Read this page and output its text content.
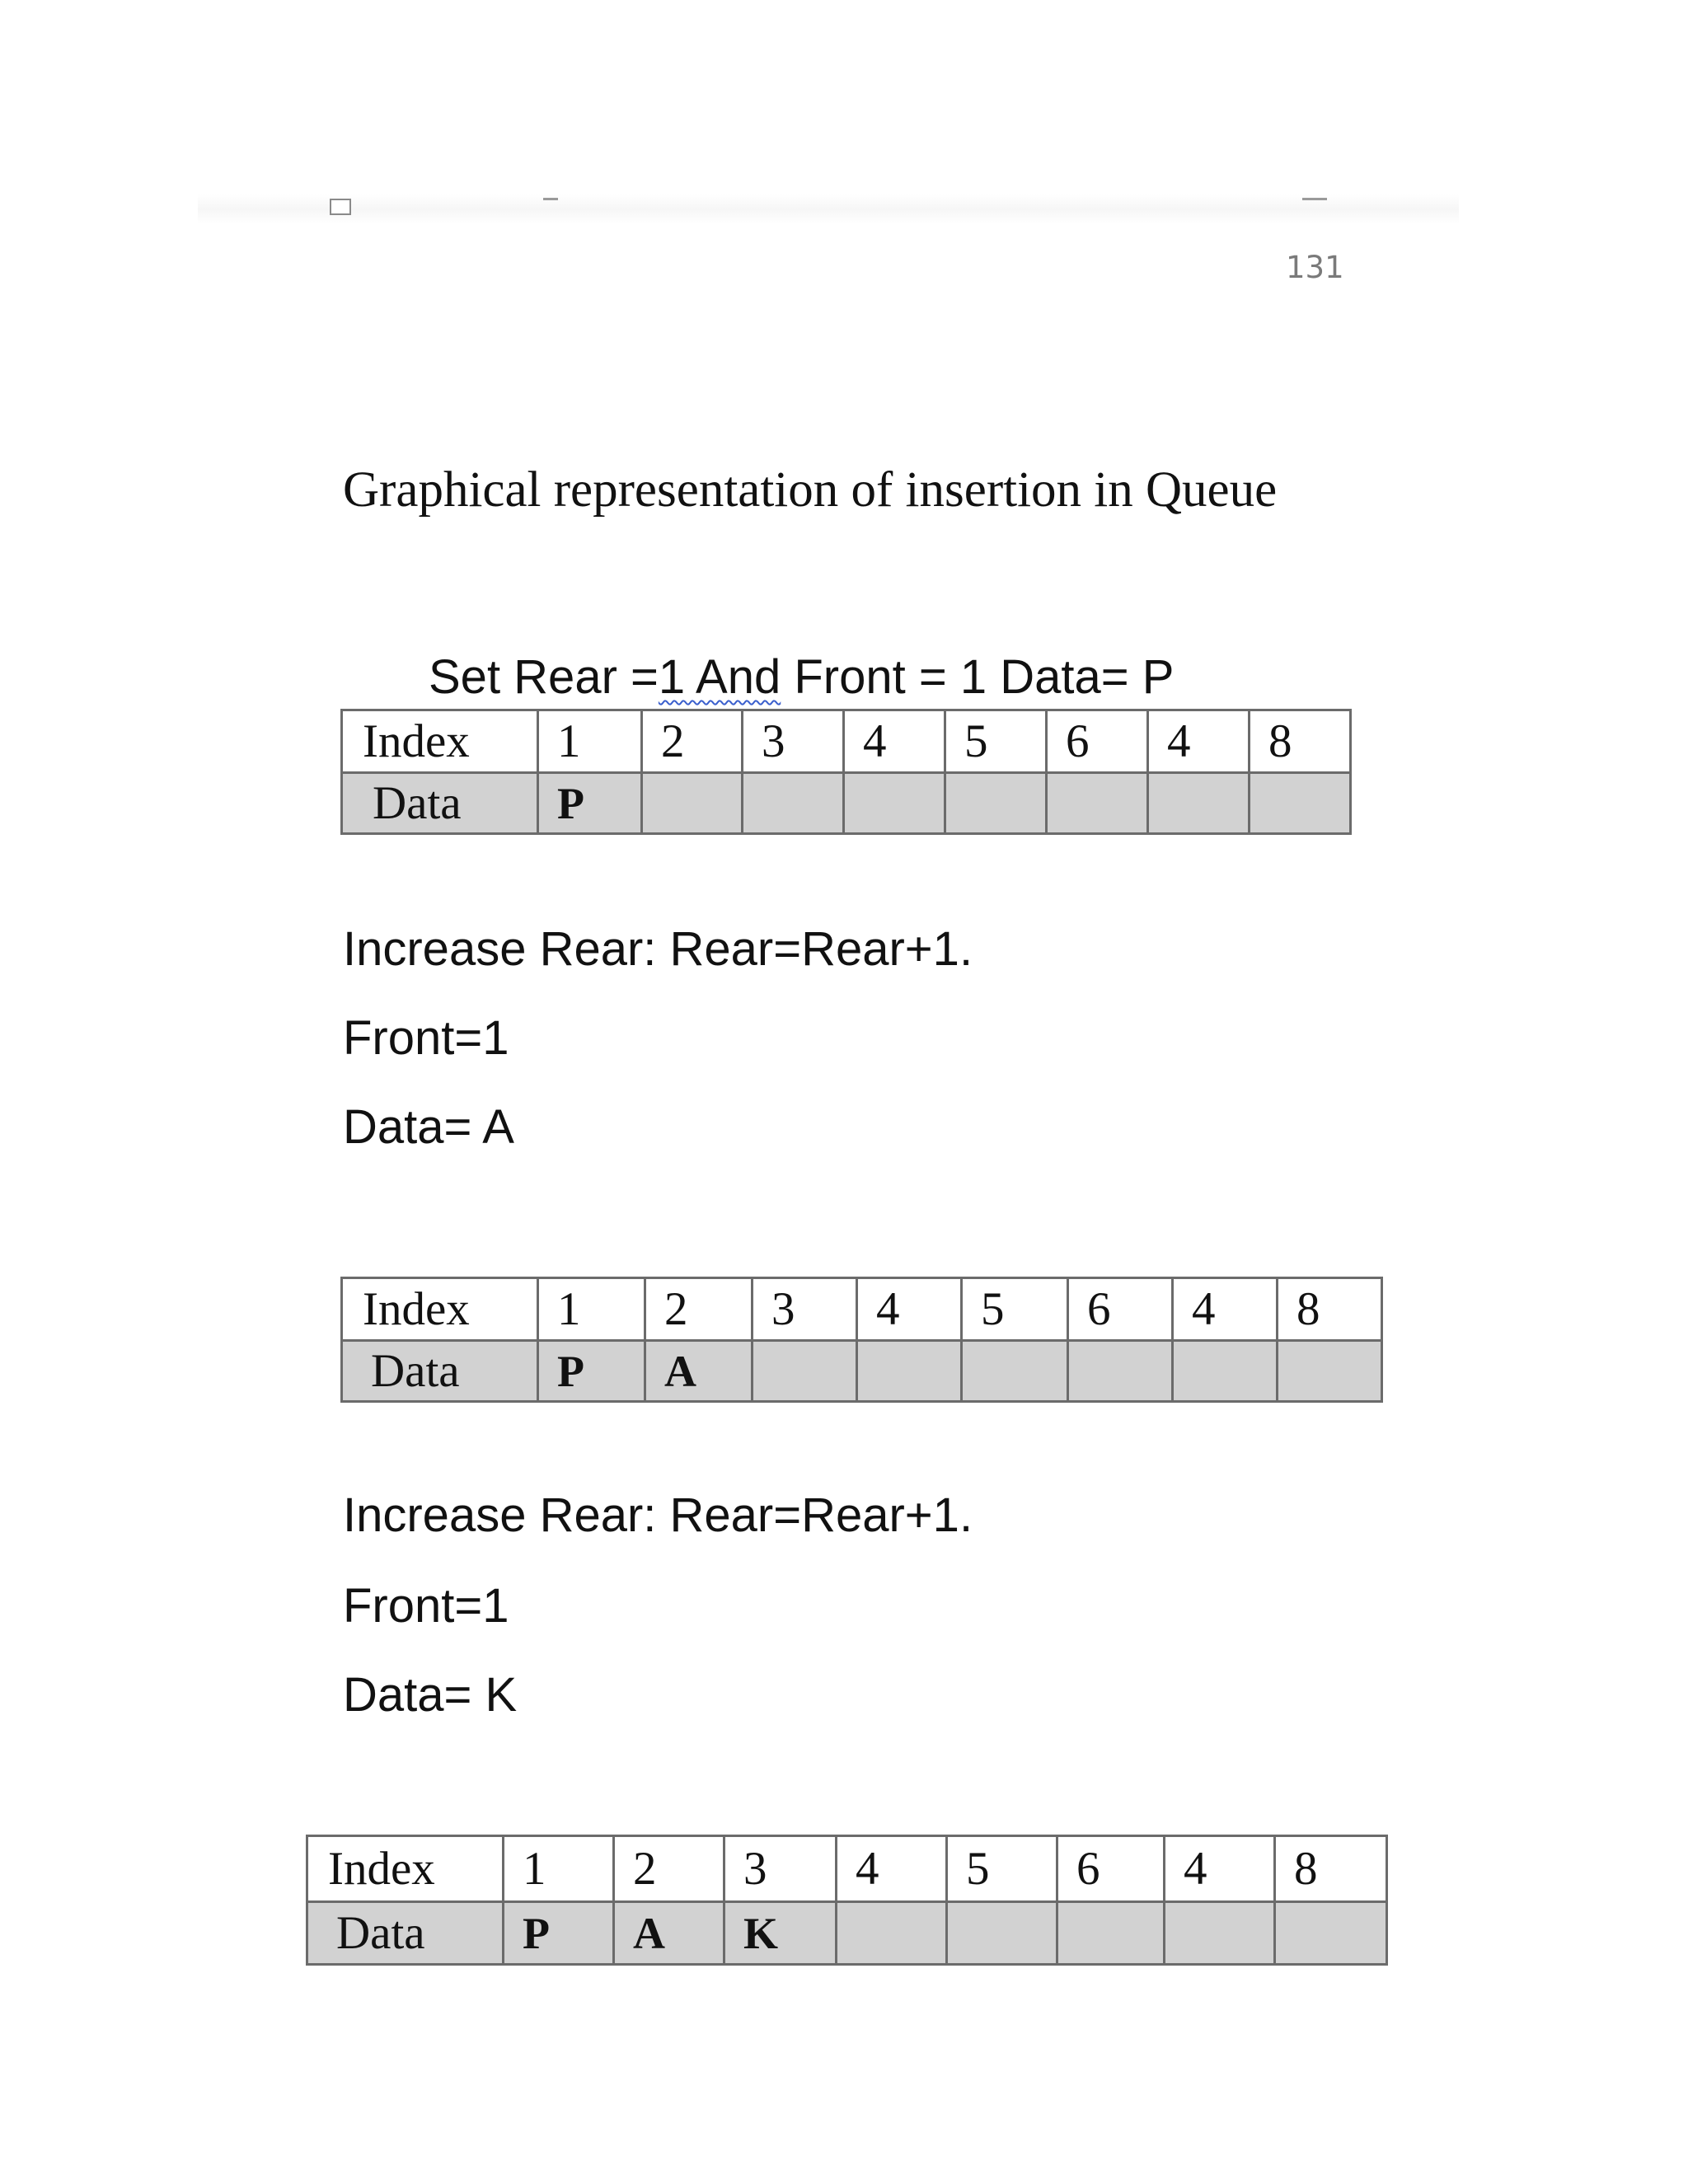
131
Graphical representation of insertion in Queue
Set Rear =1 And Front = 1 Data= P
Index	1	2	3	4	5	6	4	8
Data	P							
Increase Rear: Rear=Rear+1.
Front=1
Data= A
Index	1	2	3	4	5	6	4	8
Data	P	A						
Increase Rear: Rear=Rear+1.
Front=1
Data= K
Index	1	2	3	4	5	6	4	8
Data	P	A	K					
